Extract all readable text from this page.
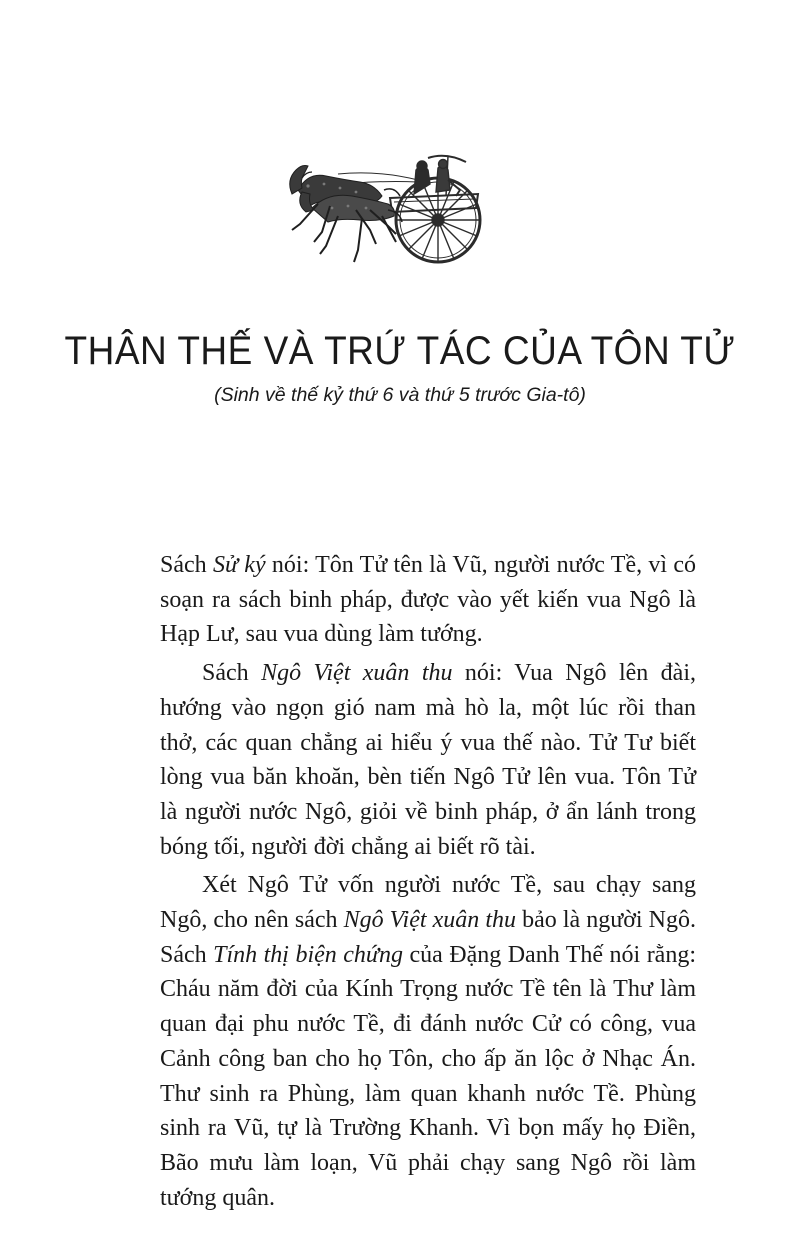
THÂN THẾ VÀ TRỨ TÁC CỦA TÔN TỬ
(Sinh về thế kỷ thứ 6 và thứ 5 trước Gia-tô)

Sách Sử ký nói: Tôn Tử tên là Vũ, người nước Tề, vì có soạn ra sách binh pháp, được vào yết kiến vua Ngô là Hạp Lư, sau vua dùng làm tướng.

Sách Ngô Việt xuân thu nói: Vua Ngô lên đài, hướng vào ngọn gió nam mà hò la, một lúc rồi than thở, các quan chẳng ai hiểu ý vua thế nào. Tử Tư biết lòng vua băn khoăn, bèn tiến Ngô Tử lên vua. Tôn Tử là người nước Ngô, giỏi về binh pháp, ở ẩn lánh trong bóng tối, người đời chẳng ai biết rõ tài.

Xét Ngô Tử vốn người nước Tề, sau chạy sang Ngô, cho nên sách Ngô Việt xuân thu bảo là người Ngô. Sách Tính thị biện chứng của Đặng Danh Thế nói rằng: Cháu năm đời của Kính Trọng nước Tề tên là Thư làm quan đại phu nước Tề, đi đánh nước Cử có công, vua Cảnh công ban cho họ Tôn, cho ấp ăn lộc ở Nhạc Án. Thư sinh ra Phùng, làm quan khanh nước Tề. Phùng sinh ra Vũ, tự là Trường Khanh. Vì bọn mấy họ Điền, Bão mưu làm loạn, Vũ phải chạy sang Ngô rồi làm tướng quân.
